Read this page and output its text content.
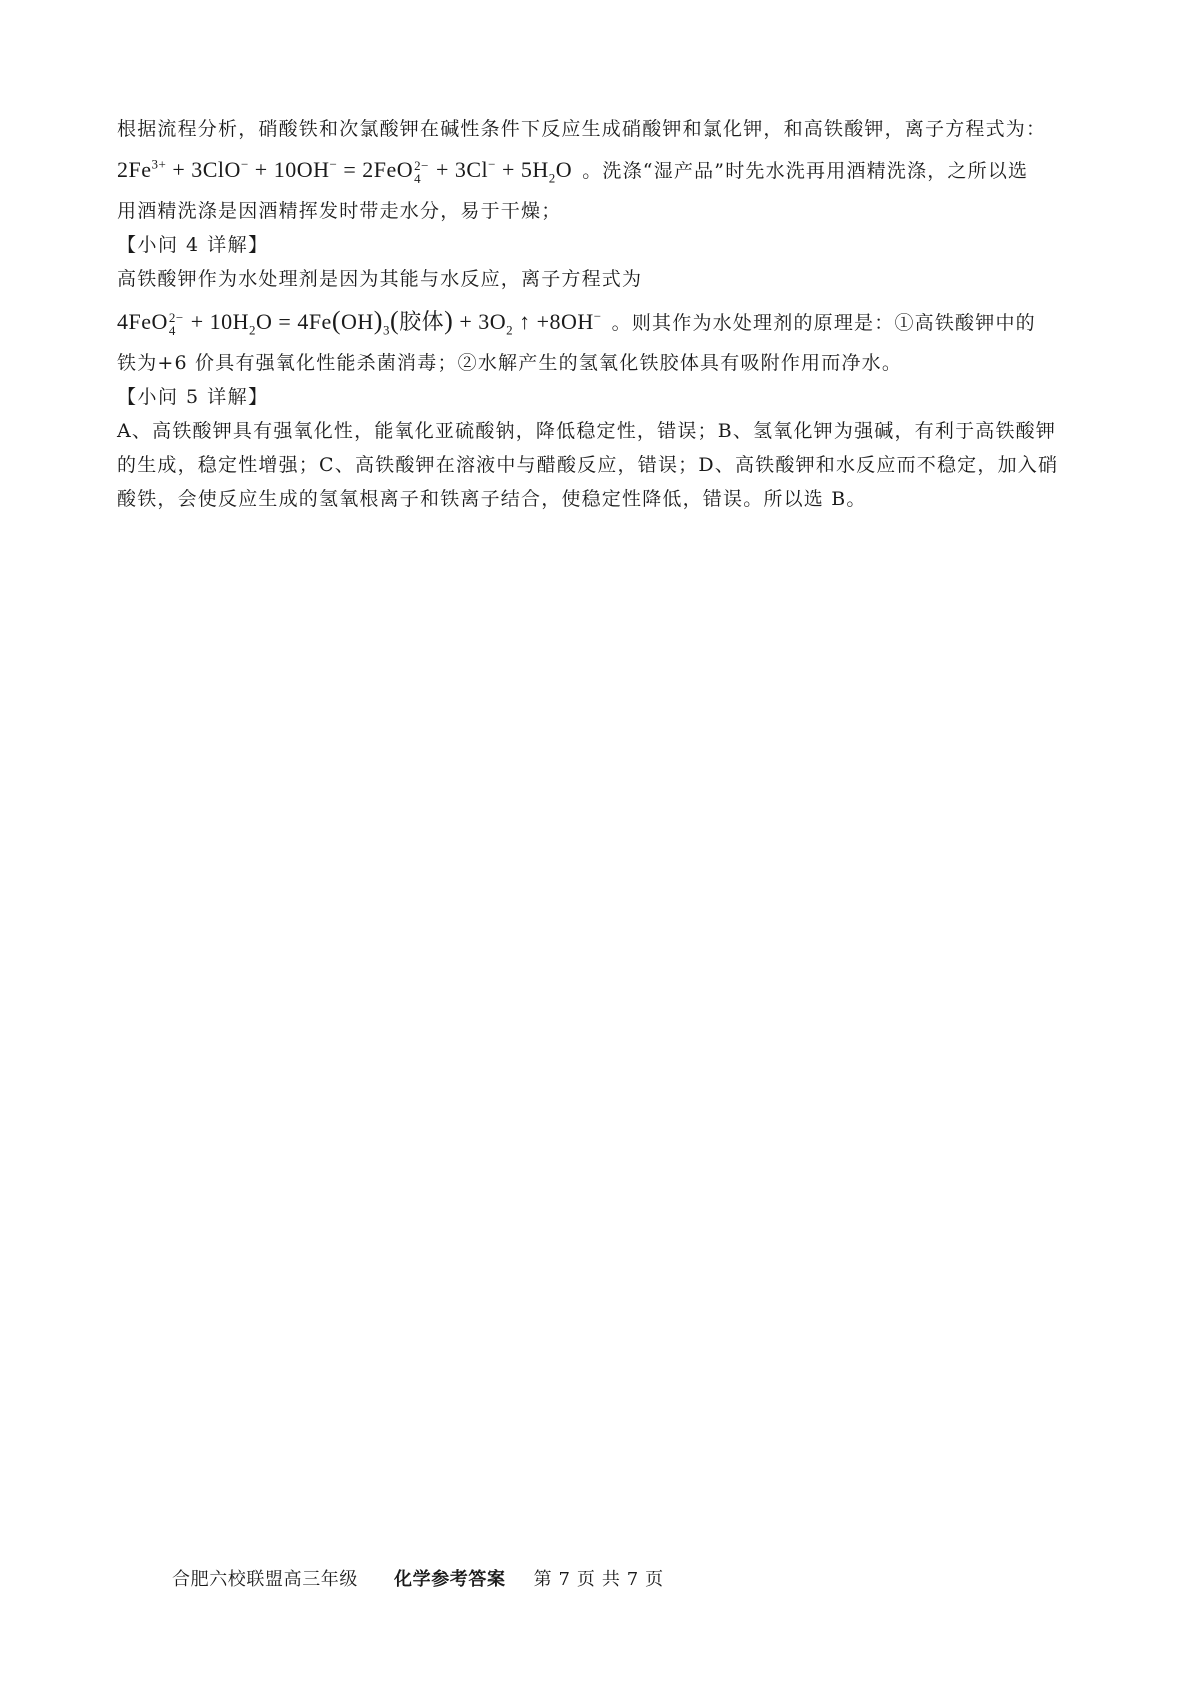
根据流程分析，硝酸铁和次氯酸钾在碱性条件下反应生成硝酸钾和氯化钾，和高铁酸钾，离子方程式为：
$2Fe^{3+} + 3ClO^- + 10OH^- = 2FeO$ 2−
$4 + 3Cl^- + 5H_2O$ 。洗涤“湿产品”时先水洗再用酒精洗涤，之所以选
用酒精洗涤是因酒精挥发时带走水分，易于干燥；
【小问 4 详解】
高铁酸钾作为水处理剂是因为其能与水反应，离子方程式为
4FeO 2−
$4 + 10H_2O = 4Fe(OH)_3$(胶体) + $3O_2$ ↑ +8OH− 。则其作为水处理剂的原理是：①高铁酸钾中的
铁为+6 价具有强氧化性能杀菌消毒；②水解产生的氢氧化铁胶体具有吸附作用而净水。
【小问 5 详解】
A、高铁酸钾具有强氧化性，能氧化亚硫酸钠，降低稳定性，错误；B、氢氧化钾为强碱，有利于高铁酸钾
的生成，稳定性增强；C、高铁酸钾在溶液中与醋酸反应，错误；D、高铁酸钾和水反应而不稳定，加入硝
酸铁，会使反应生成的氢氧根离子和铁离子结合，使稳定性降低，错误。所以选 B。
合肥六校联盟高三年级 化学参考答案 第 7 页 共 7 页
